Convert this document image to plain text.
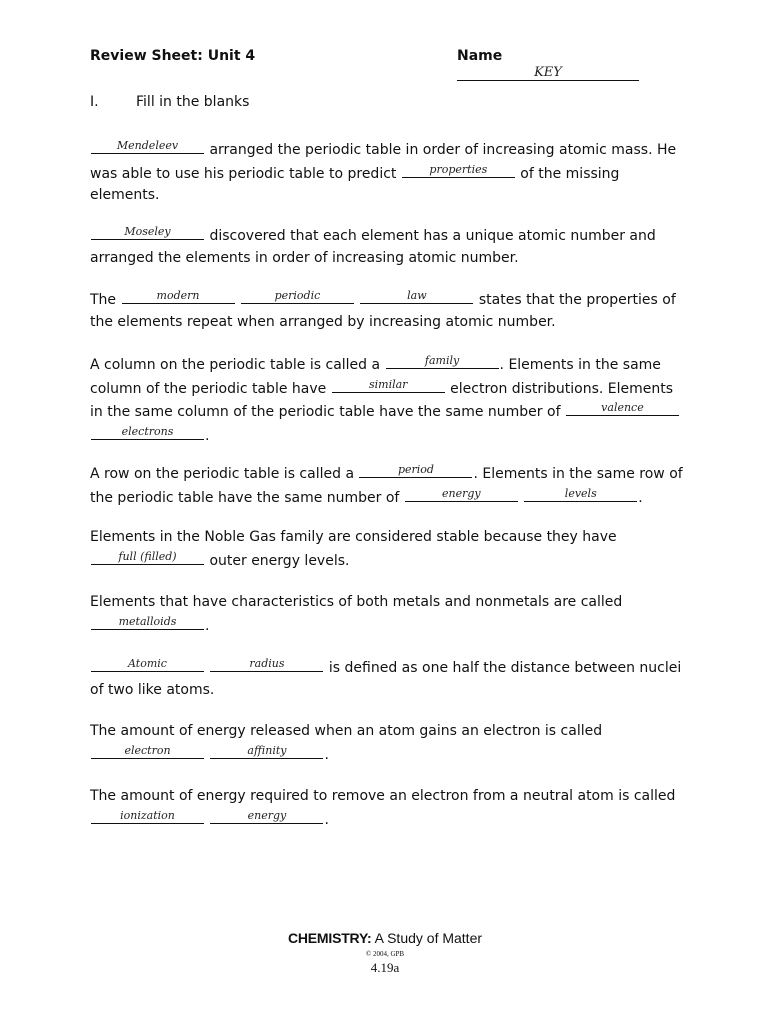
Review Sheet: Unit 4	Name
KEY
I.	Fill in the blanks
Mendeleev	arranged the periodic table in order of increasing atomic mass. He was able to use his periodic table to predict	properties	of the missing elements.
Moseley	discovered that each element has a unique atomic number and arranged the elements in order of increasing atomic number.
The	modern
	periodic
	law	states that the properties of the elements repeat when arranged by increasing atomic number.
A column on the periodic table is called a	family	. Elements in the same column of the periodic table have	similar	electron distributions. Elements in the same column of the periodic table have the same number of	valence

electrons	.
A row on the periodic table is called a	period	. Elements in the same row of the periodic table have the same number of	energy
	levels	.
Elements in the Noble Gas family are considered stable because they have
full (filled)	outer energy levels.
Elements that have characteristics of both metals and nonmetals are called
metalloids	.
Atomic
	radius	is defined as one half the distance between nuclei of two like atoms.
The amount of energy released when an atom gains an electron is called
electron
	affinity	.
The amount of energy required to remove an electron from a neutral atom is called
ionization
	energy	.
CHEMISTRY: A Study of Matter
© 2004, GPB
4.19a
